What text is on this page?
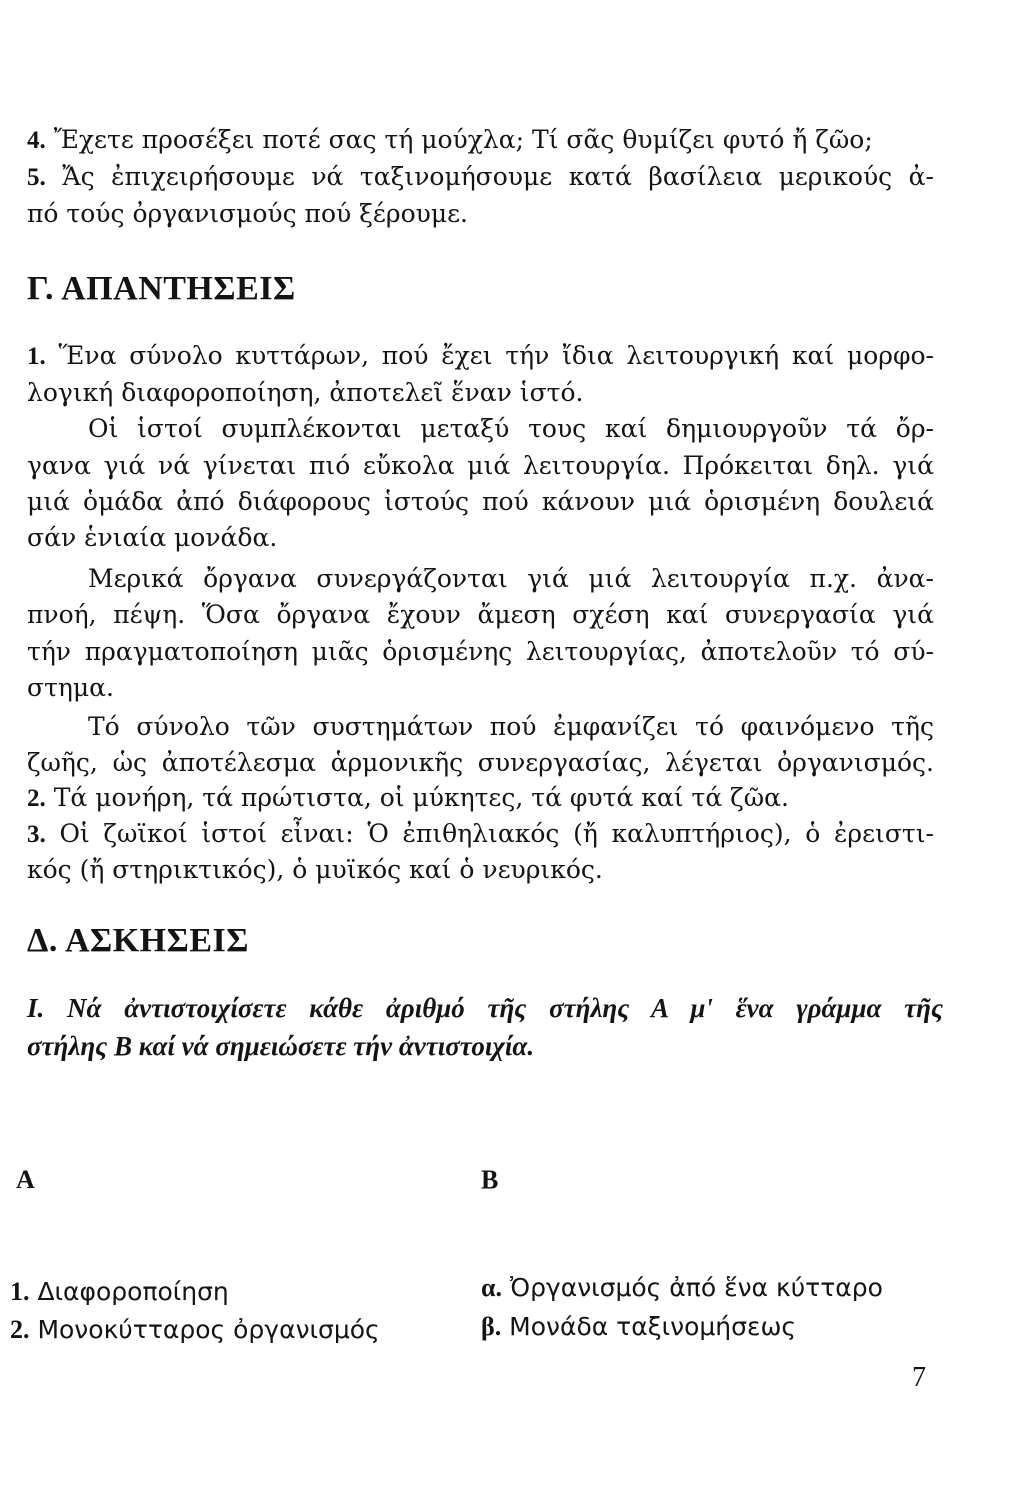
4. Ἔχετε προσέξει ποτέ σας τή μούχλα; Τί σᾶς θυμίζει φυτό ἤ ζῶο;
5. Ἄς ἐπιχειρήσουμε νά ταξινομήσουμε κατά βασίλεια μερικούς ἀ-
πό τούς ὀργανισμούς πού ξέρουμε.
Γ. ΑΠΑΝΤΗΣΕΙΣ
1. Ἕνα σύνολο κυττάρων, πού ἔχει τήν ἴδια λειτουργική καί μορφο-
λογική διαφοροποίηση, ἀποτελεῖ ἕναν ἱστό.
Οἱ ἱστοί συμπλέκονται μεταξύ τους καί δημιουργοῦν τά ὄρ-
γανα γιά νά γίνεται πιό εὔκολα μιά λειτουργία. Πρόκειται δηλ. γιά
μιά ὁμάδα ἀπό διάφορους ἱστούς πού κάνουν μιά ὁρισμένη δουλειά
σάν ἑνιαία μονάδα.
Μερικά ὄργανα συνεργάζονται γιά μιά λειτουργία π.χ. ἀνα-
πνοή, πέψη. Ὅσα ὄργανα ἔχουν ἄμεση σχέση καί συνεργασία γιά
τήν πραγματοποίηση μιᾶς ὁρισμένης λειτουργίας, ἀποτελοῦν τό σύ-
στημα.
Τό σύνολο τῶν συστημάτων πού ἐμφανίζει τό φαινόμενο τῆς
ζωῆς, ὡς ἀποτέλεσμα ἁρμονικῆς συνεργασίας, λέγεται ὀργανισμός.
2. Τά μονήρη, τά πρώτιστα, οἱ μύκητες, τά φυτά καί τά ζῶα.
3. Οἱ ζωϊκοί ἱστοί εἶναι: Ὁ ἐπιθηλιακός (ἤ καλυπτήριος), ὁ ἐρειστι-
κός (ἤ στηρικτικός), ὁ μυϊκός καί ὁ νευρικός.
Δ. ΑΣΚΗΣΕΙΣ
Ι. Νά ἀντιστοιχίσετε κάθε ἀριθμό τῆς στήλης Α μ' ἕνα γράμμα τῆς
στήλης Β καί νά σημειώσετε τήν ἀντιστοιχία.
Α	Β
1. Διαφοροποίηση
2. Μονοκύτταρος ὀργανισμός
α. Ὀργανισμός ἀπό ἕνα κύτταρο
β. Μονάδα ταξινομήσεως
7
